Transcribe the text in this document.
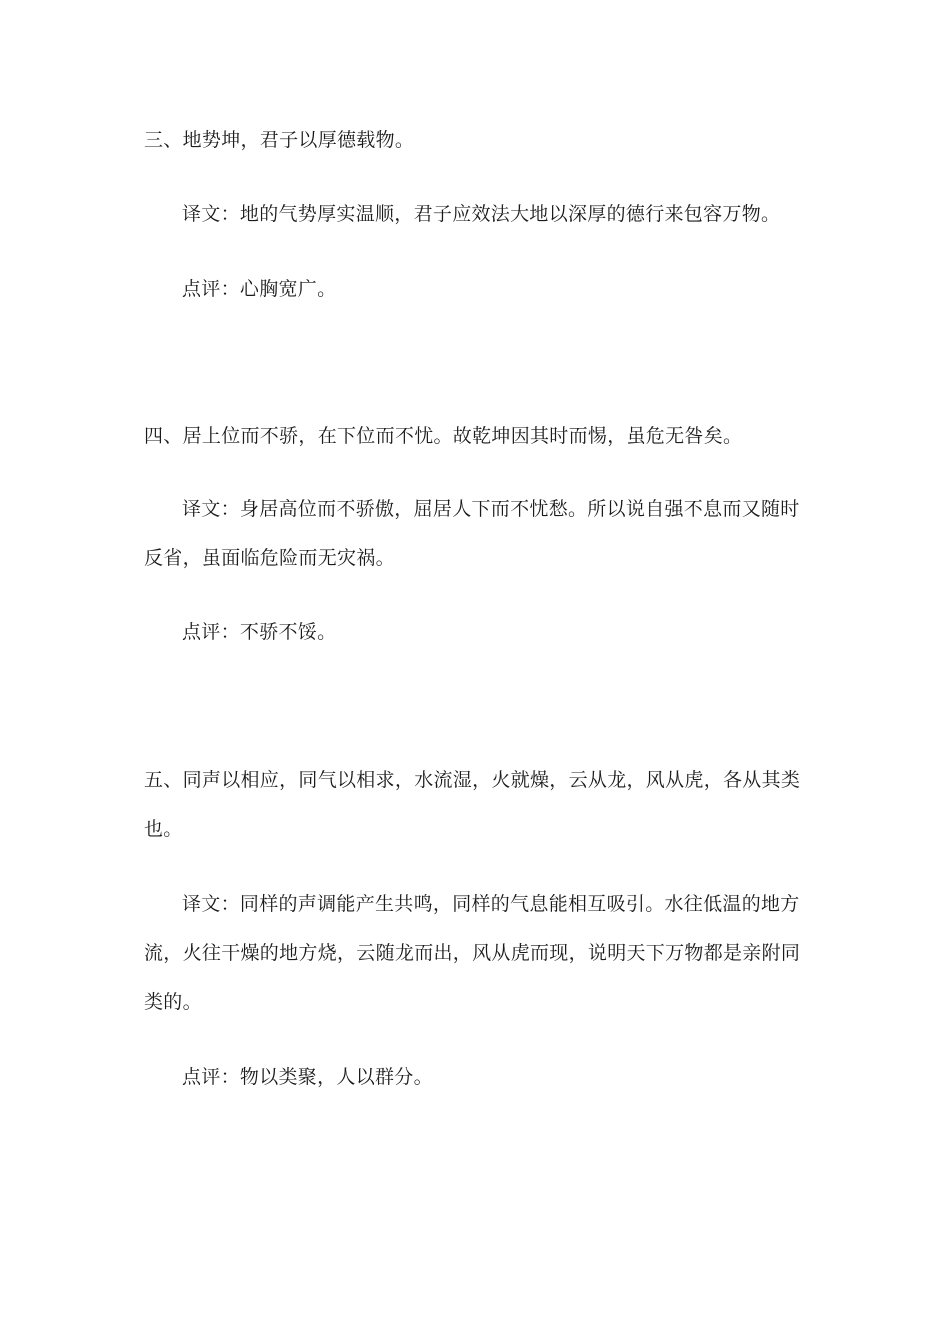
三、地势坤，君子以厚德载物。

译文：地的气势厚实温顺，君子应效法大地以深厚的德行来包容万物。

点评：心胸宽广。

四、居上位而不骄，在下位而不忧。故乾坤因其时而惕，虽危无咎矣。

译文：身居高位而不骄傲，屈居人下而不忧愁。所以说自强不息而又随时反省，虽面临危险而无灾祸。

点评：不骄不馁。

五、同声以相应，同气以相求，水流湿，火就燥，云从龙，风从虎，各从其类也。

译文：同样的声调能产生共鸣，同样的气息能相互吸引。水往低温的地方流，火往干燥的地方烧，云随龙而出，风从虎而现，说明天下万物都是亲附同类的。

点评：物以类聚，人以群分。
